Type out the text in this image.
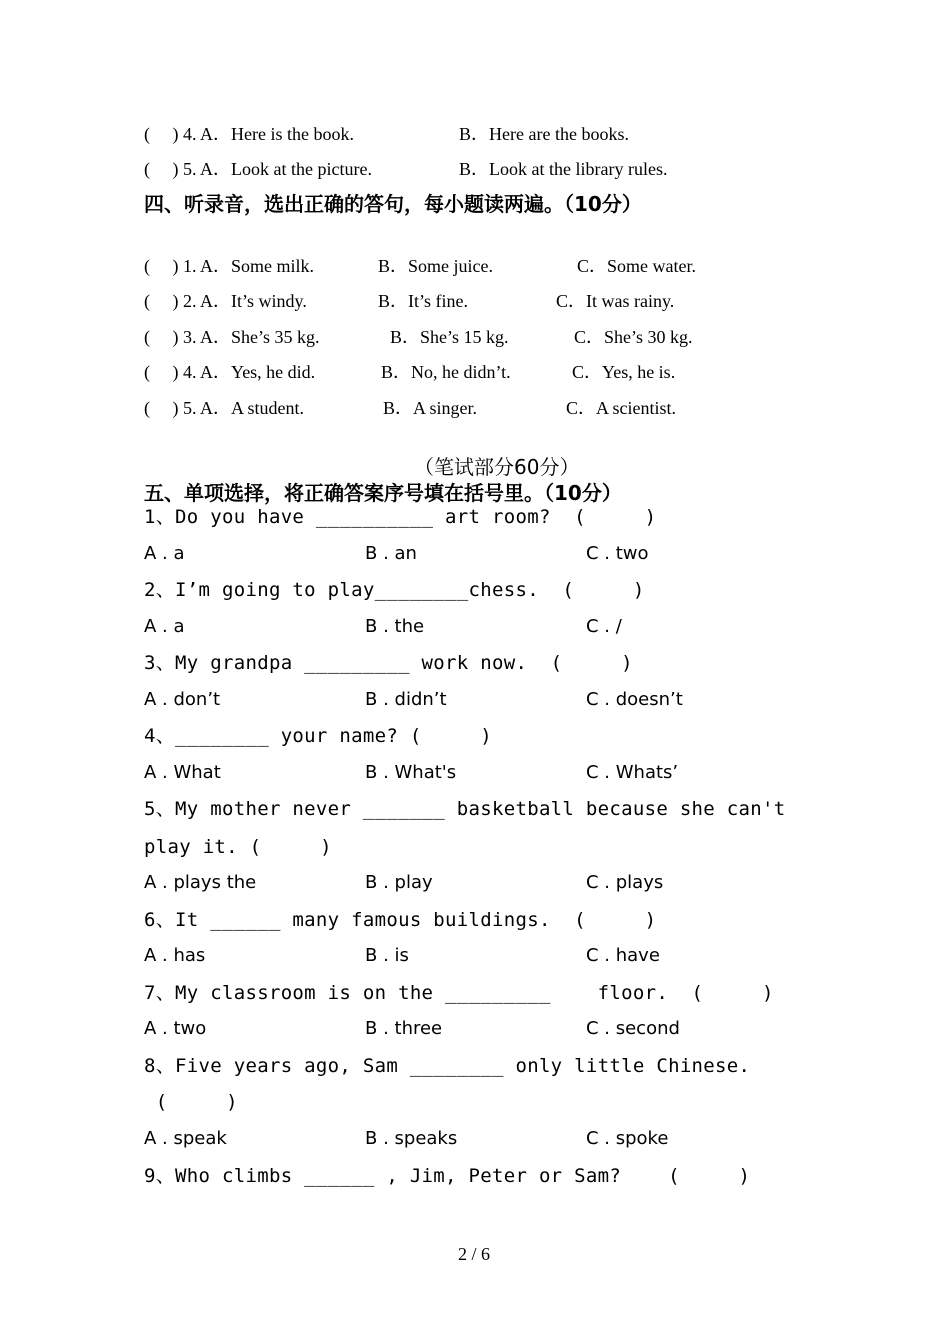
(     ) 4. A．Here is the book.	B．Here are the books.
(     ) 5. A．Look at the picture.	B．Look at the library rules.
四、听录音，选出正确的答句，每小题读两遍。（10分）
(     ) 1. A．Some milk.	B．Some juice.	C．Some water.
(     ) 2. A．It’s windy.	B．It’s fine.	C．It was rainy.
(     ) 3. A．She’s 35 kg.	B．She’s 15 kg.	C．She’s 30 kg.
(     ) 4. A．Yes, he did.	B．No, he didn’t.	C．Yes, he is.
(     ) 5. A．A student.	B．A singer.	C．A scientist.
（笔试部分60分）
五、单项选择，将正确答案序号填在括号里。（10分）
1、Do you have __________ art room?  (     )
A . a	B . an	C . two
2、I’m going to play________chess.  (     )
A . a	B . the	C . /
3、My grandpa _________ work now.  (     )
A . don’t	B . didn’t	C . doesn’t
4、________ your name? (     )
A . What	B . What's	C . Whats’
5、My mother never _______ basketball because she can't
play it. (     )
A . plays the	B . play	C . plays
6、It ______ many famous buildings.  (     )
A . has	B . is	C . have
7、My classroom is on the _________    floor.  (     )
A . two	B . three	C . second
8、Five years ago, Sam ________ only little Chinese.
(     )
A . speak	B . speaks	C . spoke
9、Who climbs ______ , Jim, Peter or Sam?    (     )
2 / 6
